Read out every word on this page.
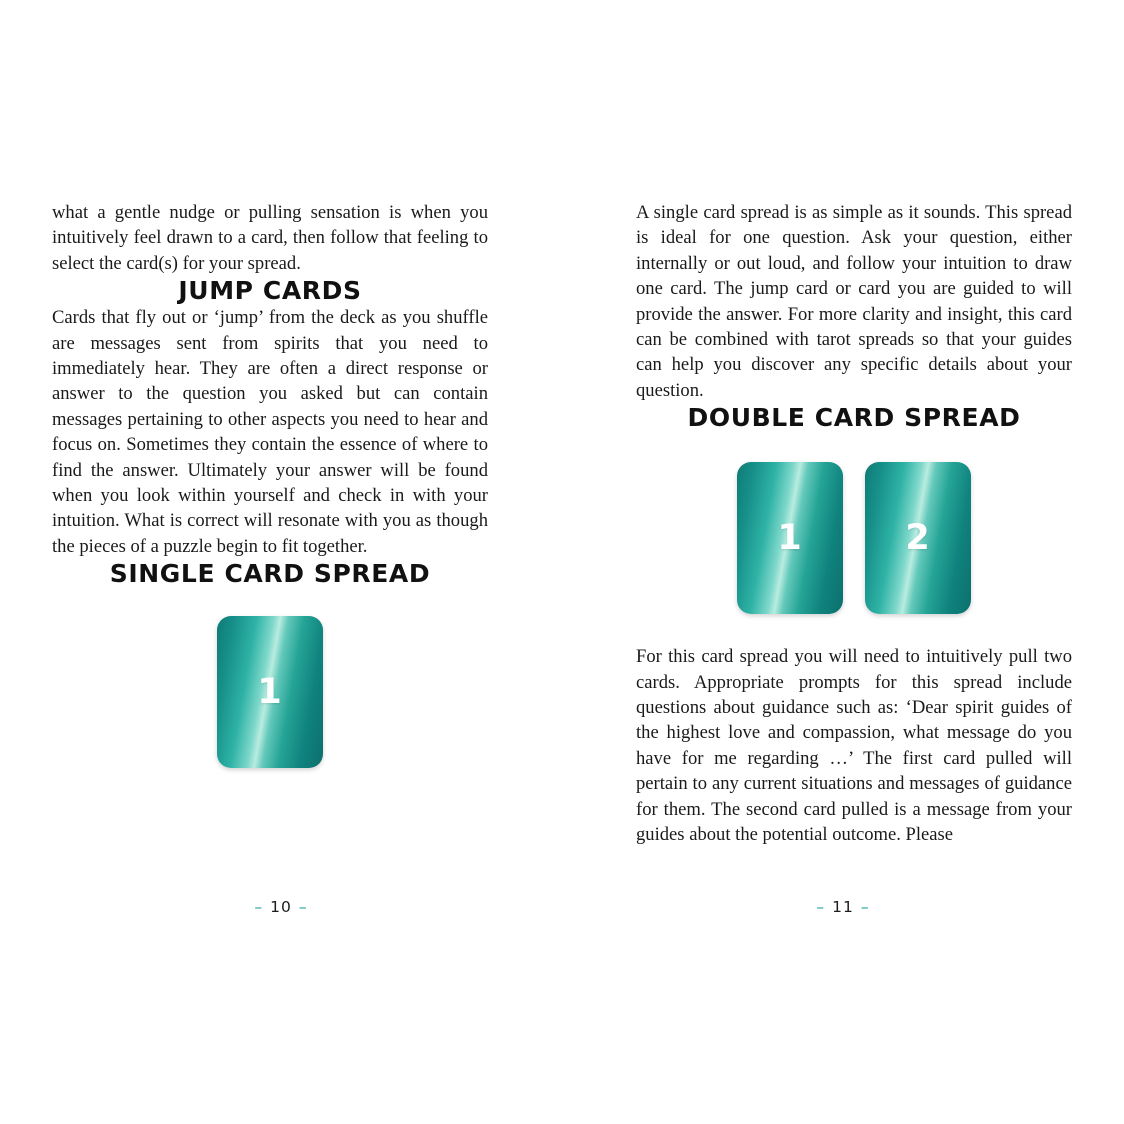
what a gentle nudge or pulling sensation is when you intuitively feel drawn to a card, then follow that feeling to select the card(s) for your spread.

JUMP CARDS

Cards that fly out or ‘jump’ from the deck as you shuffle are messages sent from spirits that you need to immediately hear. They are often a direct response or answer to the question you asked but can contain messages pertaining to other aspects you need to hear and focus on. Sometimes they contain the essence of where to find the answer. Ultimately your answer will be found when you look within yourself and check in with your intuition. What is correct will resonate with you as though the pieces of a puzzle begin to fit together.

SINGLE CARD SPREAD
1
– 10 –

A single card spread is as simple as it sounds. This spread is ideal for one question. Ask your question, either internally or out loud, and follow your intuition to draw one card. The jump card or card you are guided to will provide the answer. For more clarity and insight, this card can be combined with tarot spreads so that your guides can help you discover any specific details about your question.

DOUBLE CARD SPREAD
1	2

For this card spread you will need to intuitively pull two cards. Appropriate prompts for this spread include questions about guidance such as: ‘Dear spirit guides of the highest love and compassion, what message do you have for me regarding …’ The first card pulled will pertain to any current situations and messages of guidance for them. The second card pulled is a message from your guides about the potential outcome. Please

– 11 –
